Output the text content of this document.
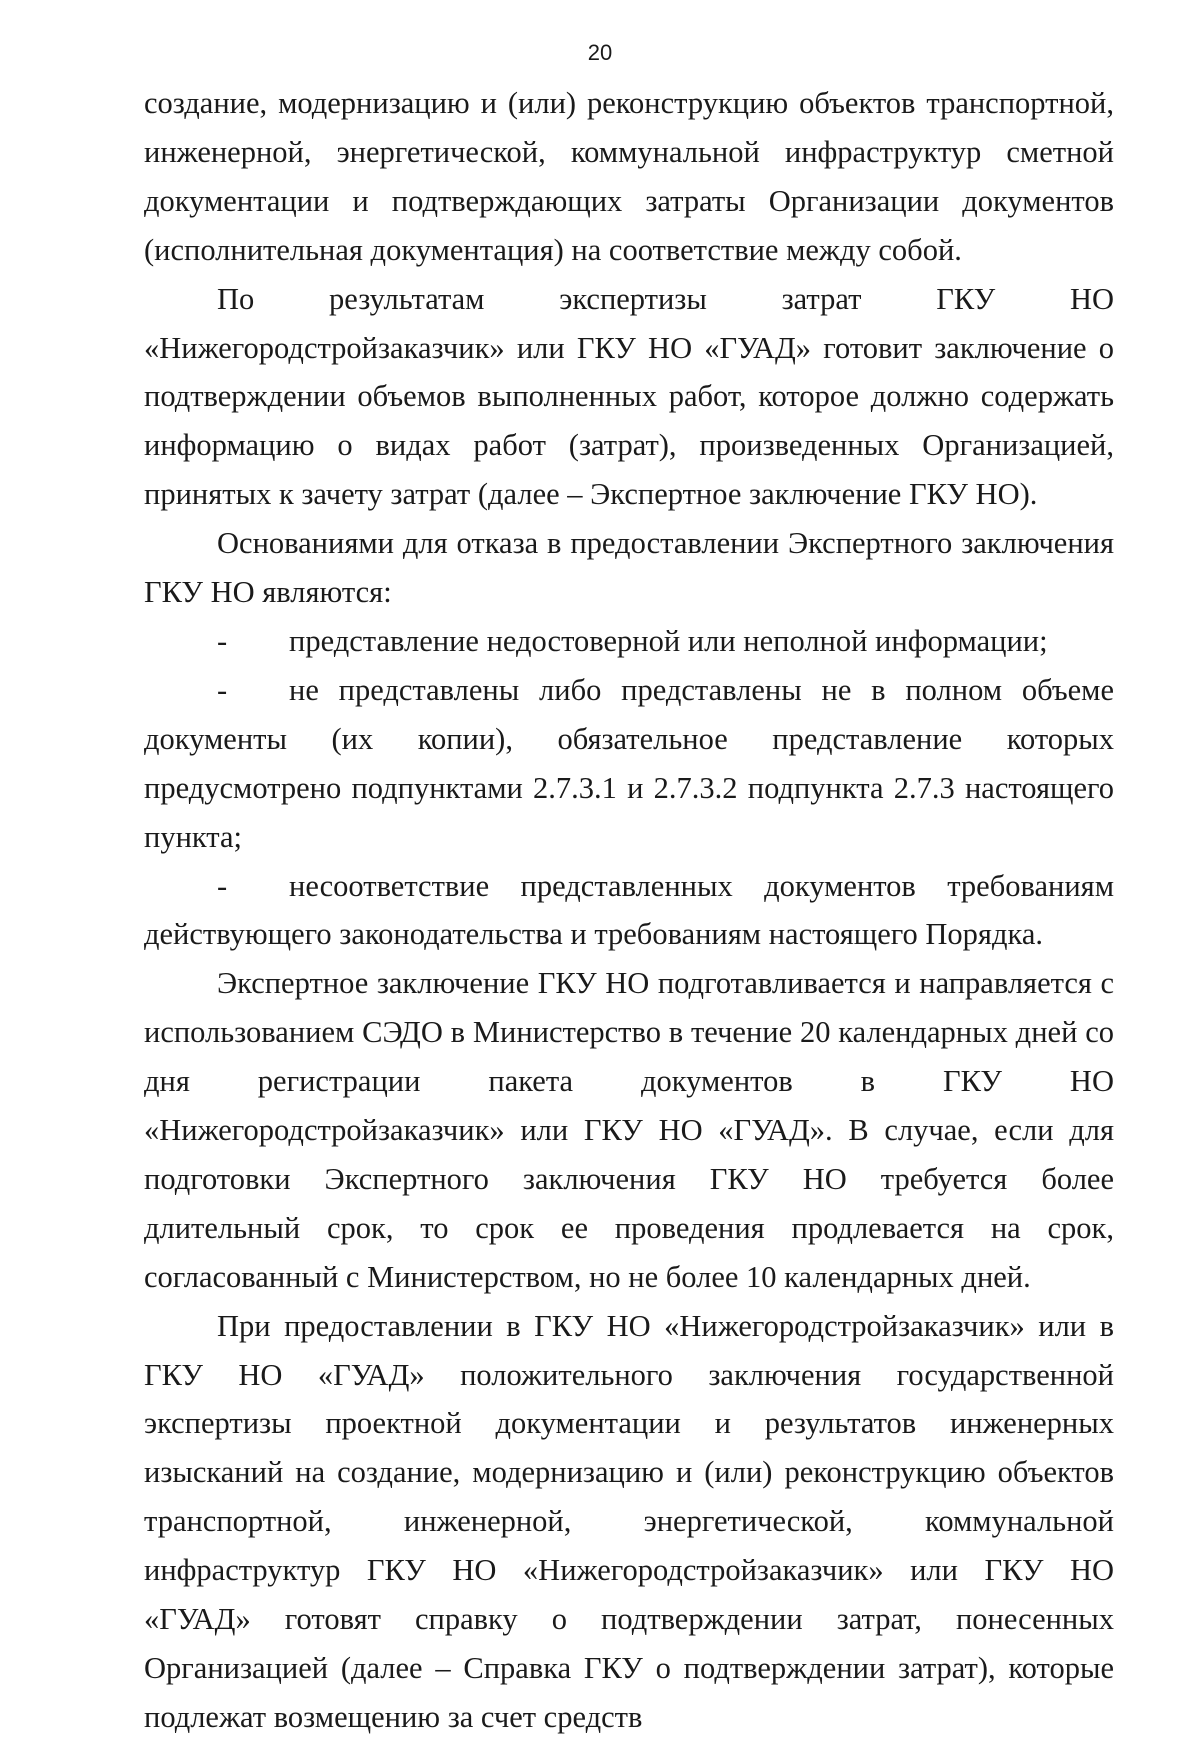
20

создание, модернизацию и (или) реконструкцию объектов транспортной, инженерной, энергетической, коммунальной инфраструктур сметной документации и подтверждающих затраты Организации документов (исполнительная документация) на соответствие между собой.

По результатам экспертизы затрат ГКУ НО «Нижегородстройзаказчик» или ГКУ НО «ГУАД» готовит заключение о подтверждении объемов выполненных работ, которое должно содержать информацию о видах работ (затрат), произведенных Организацией, принятых к зачету затрат (далее – Экспертное заключение ГКУ НО).

Основаниями для отказа в предоставлении Экспертного заключения ГКУ НО являются:

-	представление недостоверной или неполной информации;
-	не представлены либо представлены не в полном объеме документы (их копии), обязательное представление которых предусмотрено подпунктами 2.7.3.1 и 2.7.3.2 подпункта 2.7.3 настоящего пункта;
-	несоответствие представленных документов требованиям действующего законодательства и требованиям настоящего Порядка.

Экспертное заключение ГКУ НО подготавливается и направляется с использованием СЭДО в Министерство в течение 20 календарных дней со дня регистрации пакета документов в ГКУ НО «Нижегородстройзаказчик» или ГКУ НО «ГУАД». В случае, если для подготовки Экспертного заключения ГКУ НО требуется более длительный срок, то срок ее проведения продлевается на срок, согласованный с Министерством, но не более 10 календарных дней.

При предоставлении в ГКУ НО «Нижегородстройзаказчик» или в ГКУ НО «ГУАД» положительного заключения государственной экспертизы проектной документации и результатов инженерных изысканий на создание, модернизацию и (или) реконструкцию объектов транспортной, инженерной, энергетической, коммунальной инфраструктур ГКУ НО «Нижегородстройзаказчик» или ГКУ НО «ГУАД» готовят справку о подтверждении затрат, понесенных Организацией (далее – Справка ГКУ о подтверждении затрат), которые подлежат возмещению за счет средств
